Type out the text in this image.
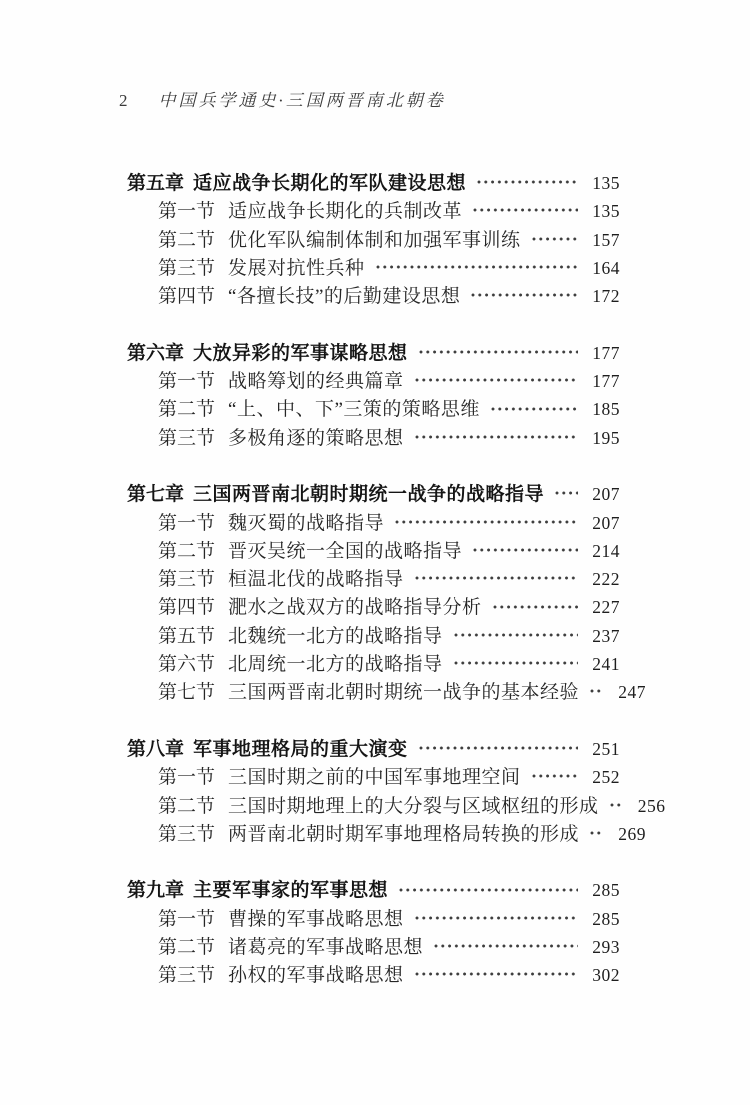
2 中国兵学通史·三国两晋南北朝卷
第五章 适应战争长期化的军队建设思想	135
第一节 适应战争长期化的兵制改革	135
第二节 优化军队编制体制和加强军事训练	157
第三节 发展对抗性兵种	164
第四节 “各擅长技”的后勤建设思想	172
第六章 大放异彩的军事谋略思想	177
第一节 战略筹划的经典篇章	177
第二节 “上、中、下”三策的策略思维	185
第三节 多极角逐的策略思想	195
第七章 三国两晋南北朝时期统一战争的战略指导	207
第一节 魏灭蜀的战略指导	207
第二节 晋灭吴统一全国的战略指导	214
第三节 桓温北伐的战略指导	222
第四节 淝水之战双方的战略指导分析	227
第五节 北魏统一北方的战略指导	237
第六节 北周统一北方的战略指导	241
第七节 三国两晋南北朝时期统一战争的基本经验	247
第八章 军事地理格局的重大演变	251
第一节 三国时期之前的中国军事地理空间	252
第二节 三国时期地理上的大分裂与区域枢纽的形成	256
第三节 两晋南北朝时期军事地理格局转换的形成	269
第九章 主要军事家的军事思想	285
第一节 曹操的军事战略思想	285
第二节 诸葛亮的军事战略思想	293
第三节 孙权的军事战略思想	302
